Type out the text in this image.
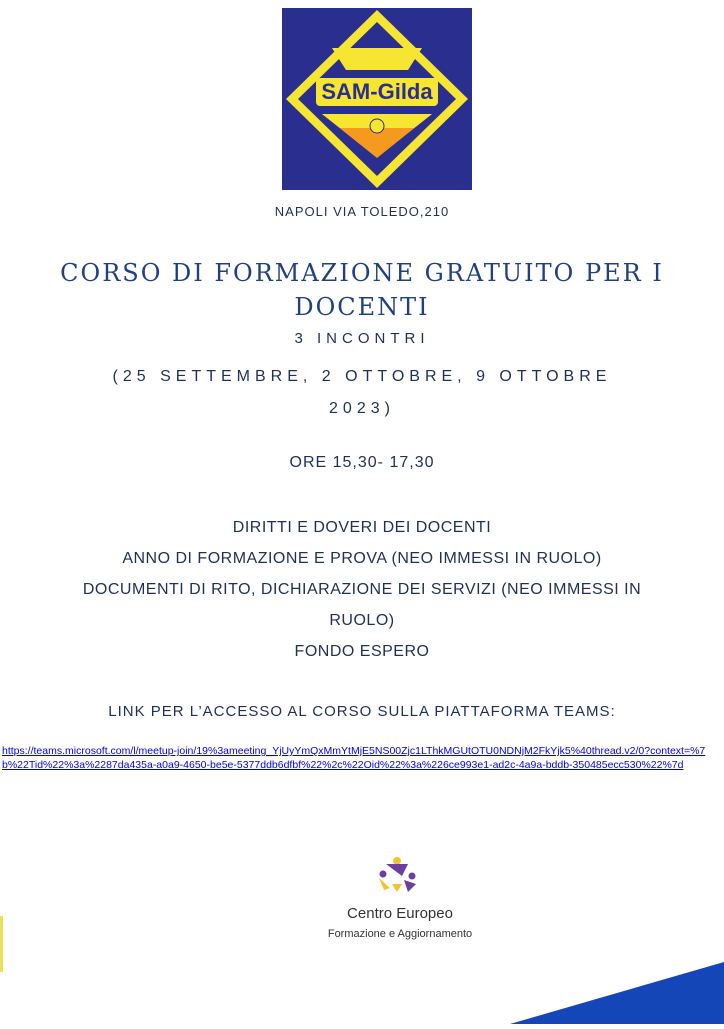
SAM-Gilda
NAPOLI VIA TOLEDO,210
CORSO DI FORMAZIONE GRATUITO PER I DOCENTI
3 INCONTRI
(25 SETTEMBRE, 2 OTTOBRE, 9 OTTOBRE 2023)
ORE 15,30- 17,30
DIRITTI E DOVERI DEI DOCENTI
ANNO DI FORMAZIONE E PROVA (NEO IMMESSI IN RUOLO)
DOCUMENTI DI RITO, DICHIARAZIONE DEI SERVIZI (NEO IMMESSI IN RUOLO)
FONDO ESPERO
LINK PER L’ACCESSO AL CORSO SULLA PIATTAFORMA TEAMS:
https://teams.microsoft.com/l/meetup-join/19%3ameeting_YjUyYmQxMmYtMjE5NS00Zjc1LThkMGUtOTU0NDNjM2FkYjk5%40thread.v2/0?context=%7b%22Tid%22%3a%2287da435a-a0a9-4650-be5e-5377ddb6dfbf%22%2c%22Oid%22%3a%226ce993e1-ad2c-4a9a-bddb-350485ecc530%22%7d
Centro Europeo
Formazione e Aggiornamento
